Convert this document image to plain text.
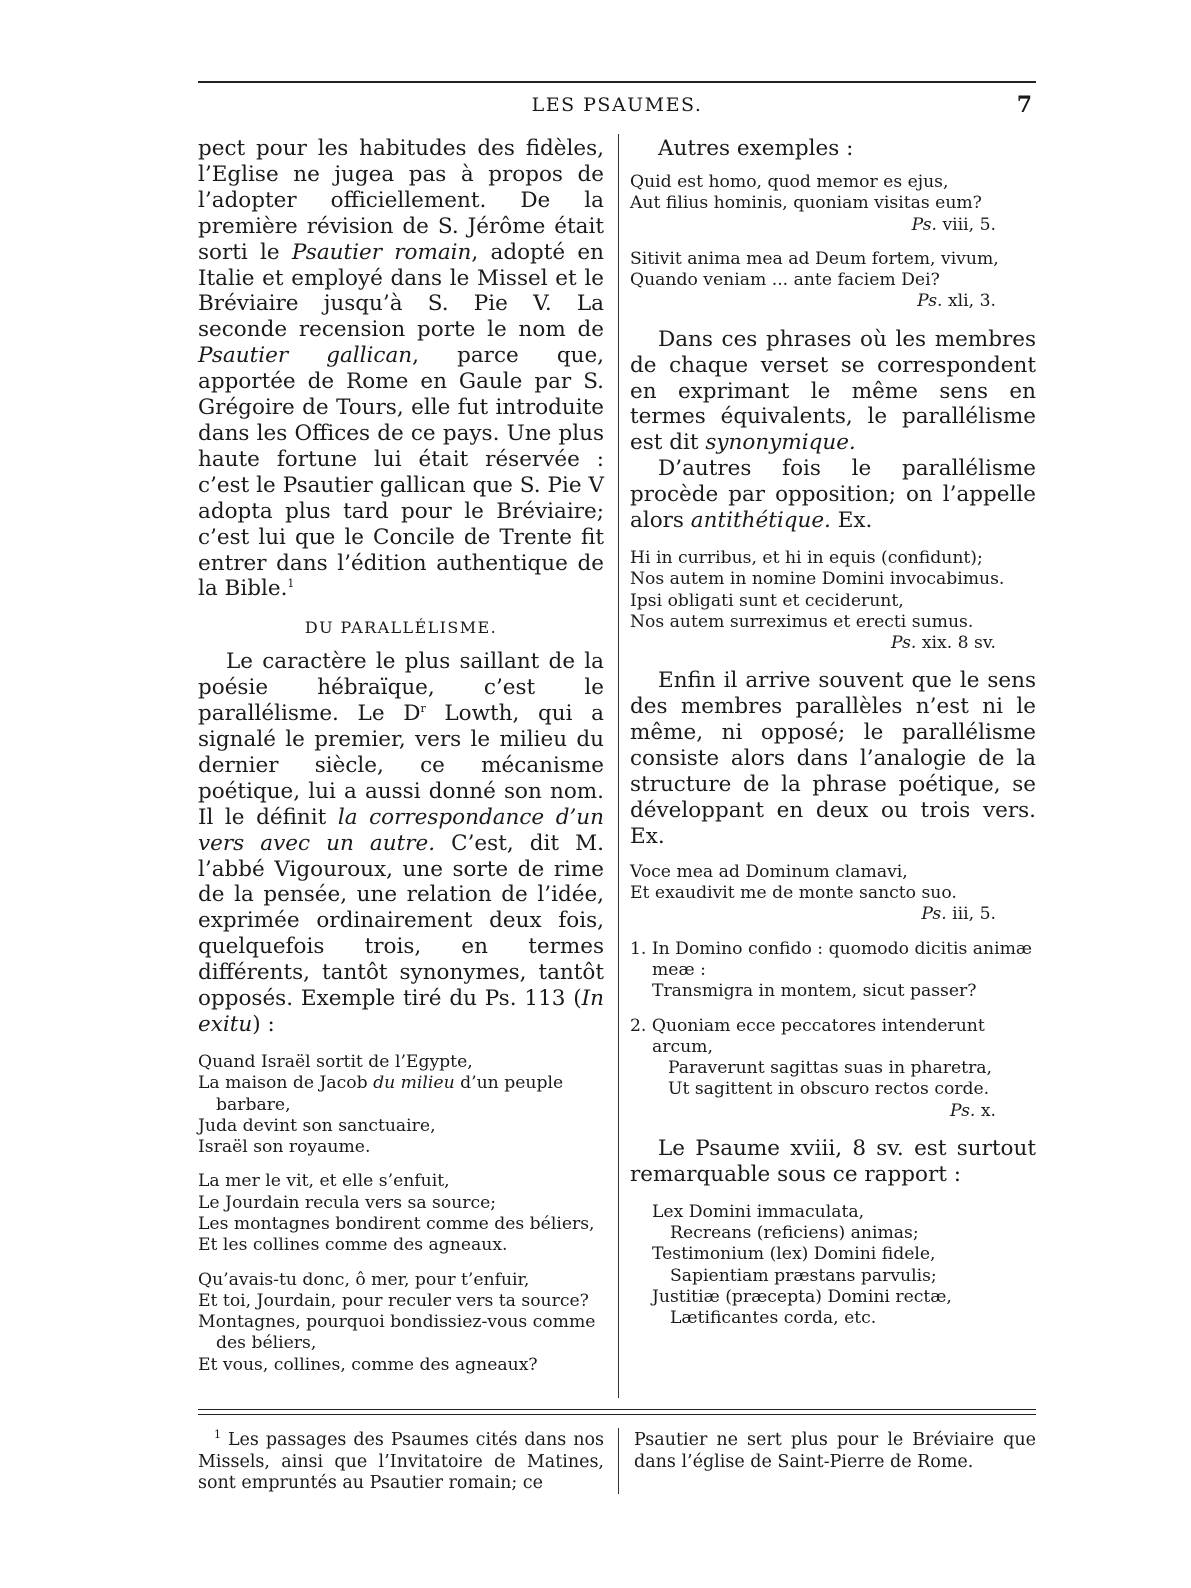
LES PSAUMES.	7

pect pour les habitudes des fidèles, l’Eglise ne jugea pas à propos de l’adopter officiellement. De la première révision de S. Jérôme était sorti le Psautier romain, adopté en Italie et employé dans le Missel et le Bréviaire jusqu’à S. Pie V. La seconde recension porte le nom de Psautier gallican, parce que, apportée de Rome en Gaule par S. Grégoire de Tours, elle fut introduite dans les Offices de ce pays. Une plus haute fortune lui était réservée : c’est le Psautier gallican que S. Pie V adopta plus tard pour le Bréviaire; c’est lui que le Concile de Trente fit entrer dans l’édition authentique de la Bible.$^1$

DU PARALLÉLISME.

Le caractère le plus saillant de la poésie hébraïque, c’est le parallélisme. Le $D^r$ Lowth, qui a signalé le premier, vers le milieu du dernier siècle, ce mécanisme poétique, lui a aussi donné son nom. Il le définit la correspondance d’un vers avec un autre. C’est, dit M. l’abbé Vigouroux, une sorte de rime de la pensée, une relation de l’idée, exprimée ordinairement deux fois, quelquefois trois, en termes différents, tantôt synonymes, tantôt opposés. Exemple tiré du Ps. 113 (In exitu) :

Quand Israël sortit de l’Egypte,
La maison de Jacob du milieu d’un peuple barbare,
Juda devint son sanctuaire,
Israël son royaume.
La mer le vit, et elle s’enfuit,
Le Jourdain recula vers sa source;
Les montagnes bondirent comme des béliers,
Et les collines comme des agneaux.
Qu’avais-tu donc, ô mer, pour t’enfuir,
Et toi, Jourdain, pour reculer vers ta source?
Montagnes, pourquoi bondissiez-vous comme des béliers,
Et vous, collines, comme des agneaux?

Autres exemples :

Quid est homo, quod memor es ejus,
Aut filius hominis, quoniam visitas eum?
Ps. viii, 5.
Sitivit anima mea ad Deum fortem, vivum,
Quando veniam ... ante faciem Dei?
Ps. xli, 3.

Dans ces phrases où les membres de chaque verset se correspondent en exprimant le même sens en termes équivalents, le parallélisme est dit synonymique.

D’autres fois le parallélisme procède par opposition; on l’appelle alors antithétique. Ex.

Hi in curribus, et hi in equis (confidunt);
Nos autem in nomine Domini invocabimus.
Ipsi obligati sunt et ceciderunt,
Nos autem surreximus et erecti sumus.
Ps. xix. 8 sv.

Enfin il arrive souvent que le sens des membres parallèles n’est ni le même, ni opposé; le parallélisme consiste alors dans l’analogie de la structure de la phrase poétique, se développant en deux ou trois vers. Ex.

Voce mea ad Dominum clamavi,
Et exaudivit me de monte sancto suo.
Ps. iii, 5.
1. In Domino confido : quomodo dicitis animæ meæ :
Transmigra in montem, sicut passer?
2. Quoniam ecce peccatores intenderunt arcum,
Paraverunt sagittas suas in pharetra,
Ut sagittent in obscuro rectos corde.
Ps. x.

Le Psaume xviii, 8 sv. est surtout remarquable sous ce rapport :

Lex Domini immaculata,
Recreans (reficiens) animas;
Testimonium (lex) Domini fidele,
Sapientiam præstans parvulis;
Justitiæ (præcepta) Domini rectæ,
Lætificantes corda, etc.
$^1$ Les passages des Psaumes cités dans nos Missels, ainsi que l’Invitatoire de Matines, sont empruntés au Psautier romain; ce
Psautier ne sert plus pour le Bréviaire que dans l’église de Saint-Pierre de Rome.
